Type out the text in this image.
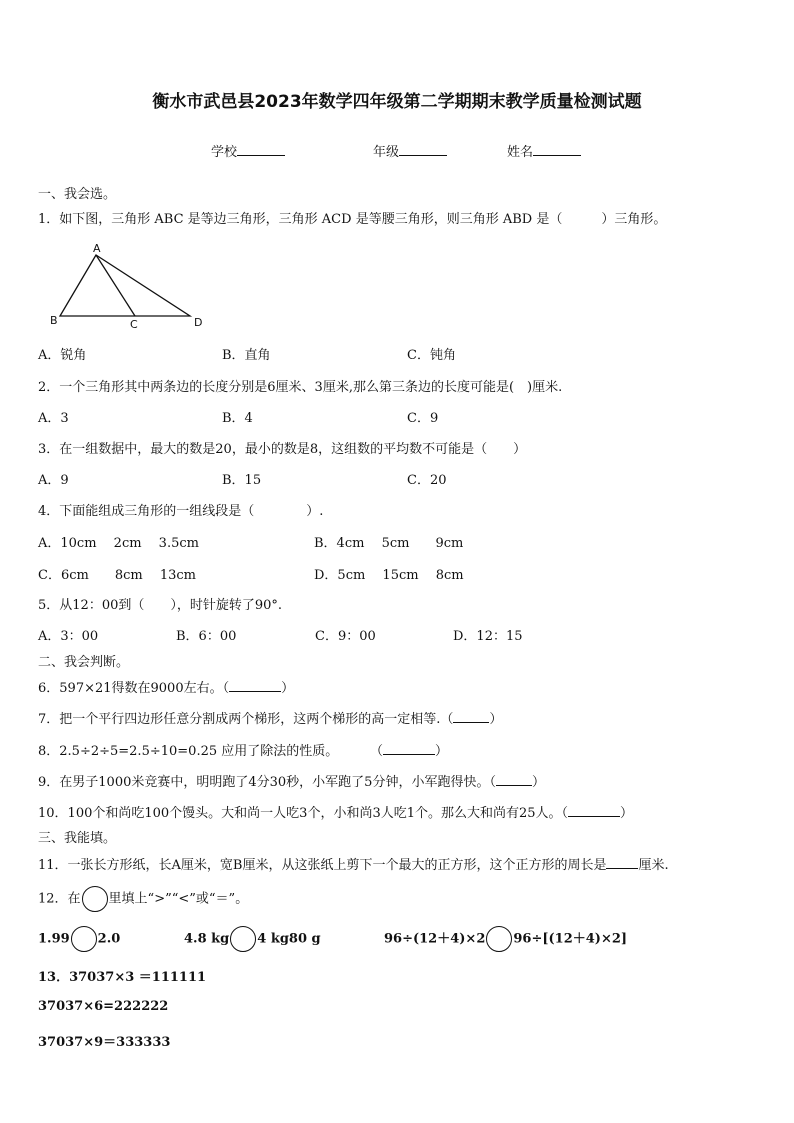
衡水市武邑县2023年数学四年级第二学期期末教学质量检测试题
学校	年级	姓名
一、我会选。
1．如下图，三角形 ABC 是等边三角形，三角形 ACD 是等腰三角形，则三角形 ABD 是（　　　）三角形。
A
B	C	D
A．锐角	B．直角	C．钝角
2．一个三角形其中两条边的长度分别是6厘米、3厘米,那么第三条边的长度可能是(　)厘米.
A．3	B．4	C．9
3．在一组数据中，最大的数是20，最小的数是8，这组数的平均数不可能是（　　）
A．9	B．15	C．20
4．下面能组成三角形的一组线段是（　　　　）.
A．10cm　 2cm　 3.5cm	B．4cm　 5cm　　9cm
C．6cm　　8cm　 13cm	D．5cm　 15cm　 8cm
5．从12：00到（　　），时针旋转了90°.
A．3：00	B．6：00	C．9：00	D．12：15
二、我会判断。
6．597×21得数在9000左右。（	）
7．把一个平行四边形任意分割成两个梯形，这两个梯形的高一定相等.（	）
8．2.5÷2÷5=2.5÷10=0.25 应用了除法的性质。 （	）
9．在男子1000米竞赛中，明明跑了4分30秒，小军跑了5分钟，小军跑得快。（	）
10．100个和尚吃100个馒头。大和尚一人吃3个，小和尚3人吃1个。那么大和尚有25人。（	）
三、我能填。
11．一张长方形纸，长A厘米，宽B厘米，从这张纸上剪下一个最大的正方形，这个正方形的周长是 厘米.
12．在 里填上“>”“<”或“＝”。
1.99 2.0	4.8 kg 4 kg80 g	96÷(12＋4)×2 96÷[(12＋4)×2]
13．37037×3 ＝111111
37037×6=222222
37037×9＝333333
